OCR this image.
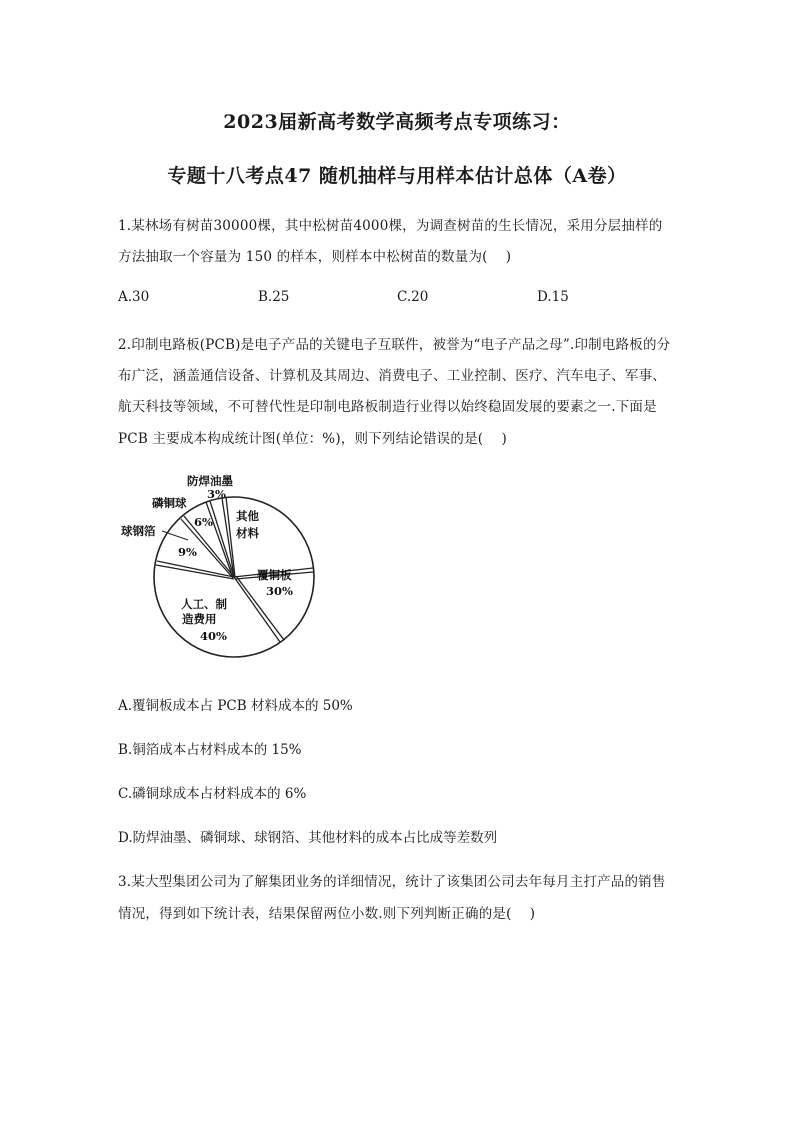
2023届新高考数学高频考点专项练习：
专题十八考点47 随机抽样与用样本估计总体（A卷）
1.某林场有树苗30000棵，其中松树苗4000棵，为调查树苗的生长情况，采用分层抽样的
方法抽取一个容量为 150 的样本，则样本中松树苗的数量为(　 )
A.30	B.25	C.20	D.15
2.印制电路板(PCB)是电子产品的关键电子互联件，被誉为“电子产品之母”.印制电路板的分
布广泛，涵盖通信设备、计算机及其周边、消费电子、工业控制、医疗、汽车电子、军事、
航天科技等领域，不可替代性是印制电路板制造行业得以始终稳固发展的要素之一.下面是
PCB 主要成本构成统计图(单位：%)，则下列结论错误的是(　 )
防焊油墨
3%
磷铜球
6%
球钢箔
9%
其他
材料
覆铜板
30%
人工、制
造费用
40%
A.覆铜板成本占 PCB 材料成本的 50%
B.铜箔成本占材料成本的 15%
C.磷铜球成本占材料成本的 6%
D.防焊油墨、磷铜球、球钢箔、其他材料的成本占比成等差数列
3.某大型集团公司为了解集团业务的详细情况，统计了该集团公司去年每月主打产品的销售
情况，得到如下统计表，结果保留两位小数.则下列判断正确的是(　 )
